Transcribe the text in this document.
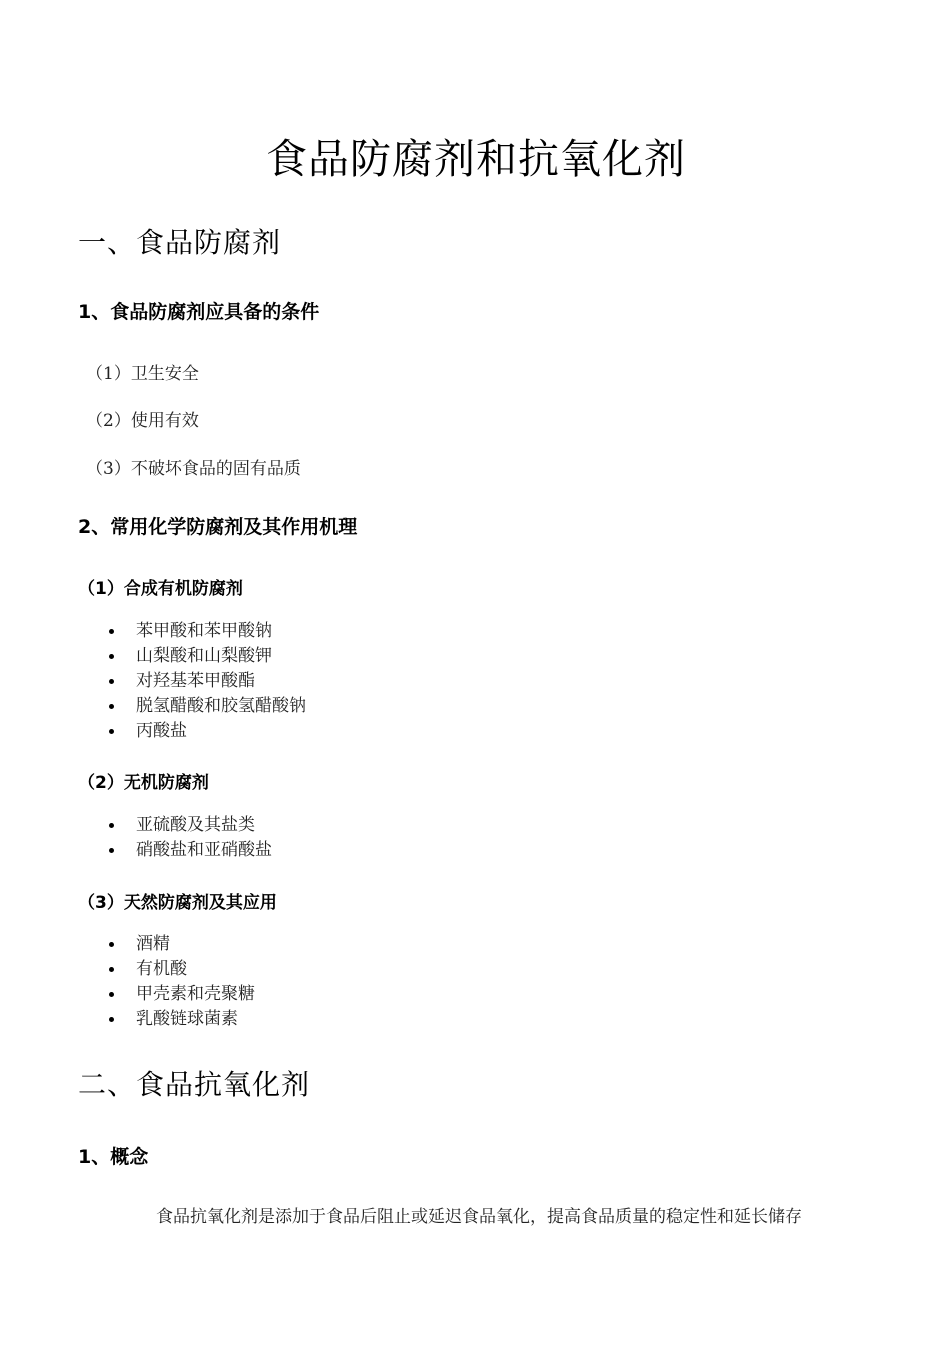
食品防腐剂和抗氧化剂
一、食品防腐剂
1、食品防腐剂应具备的条件

（1）卫生安全

（2）使用有效

（3）不破坏食品的固有品质

2、常用化学防腐剂及其作用机理
（1）合成有机防腐剂
苯甲酸和苯甲酸钠
山梨酸和山梨酸钾
对羟基苯甲酸酯
脱氢醋酸和胶氢醋酸钠
丙酸盐
（2）无机防腐剂
亚硫酸及其盐类
硝酸盐和亚硝酸盐
（3）天然防腐剂及其应用
酒精
有机酸
甲壳素和壳聚糖
乳酸链球菌素
二、食品抗氧化剂
1、概念

食品抗氧化剂是添加于食品后阻止或延迟食品氧化，提高食品质量的稳定性和延长储存
